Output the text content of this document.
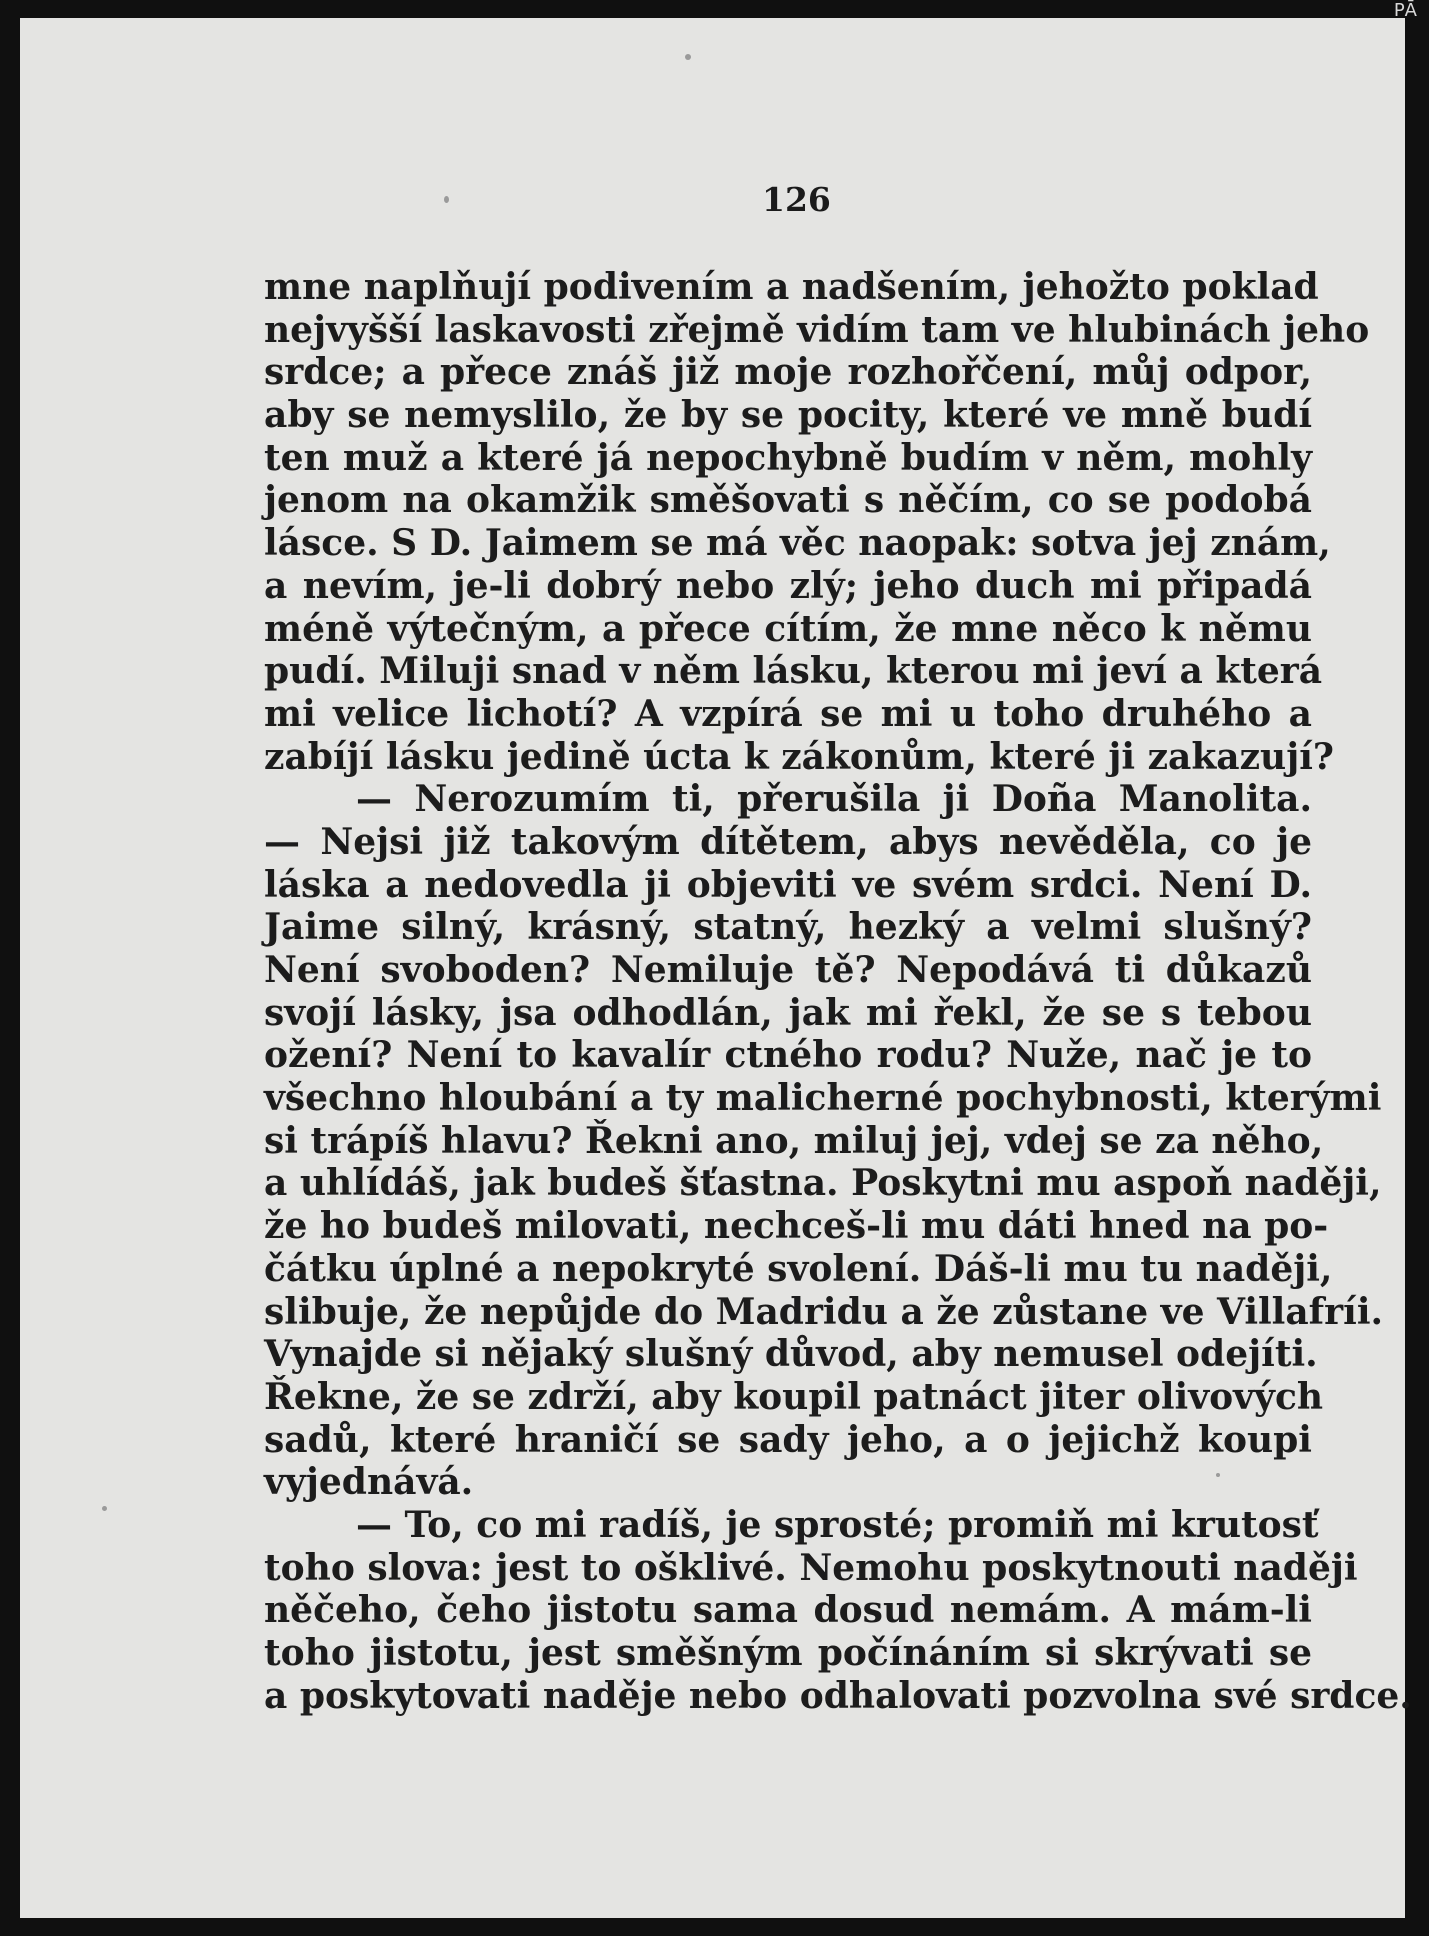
126
mne naplňují podivením a nadšením, jehožto poklad
nejvyšší laskavosti zřejmě vidím tam ve hlubinách jeho
srdce; a přece znáš již moje rozhořčení, můj odpor,
aby se nemyslilo, že by se pocity, které ve mně budí
ten muž a které já nepochybně budím v něm, mohly
jenom na okamžik směšovati s něčím, co se podobá
lásce. S D. Jaimem se má věc naopak: sotva jej znám,
a nevím, je-li dobrý nebo zlý; jeho duch mi připadá
méně výtečným, a přece cítím, že mne něco k němu
pudí. Miluji snad v něm lásku, kterou mi jeví a která
mi velice lichotí? A vzpírá se mi u toho druhého a
zabíjí lásku jedině úcta k zákonům, které ji zakazují?
— Nerozumím ti, přerušila ji Doña Manolita.
— Nejsi již takovým dítětem, abys nevěděla, co je
láska a nedovedla ji objeviti ve svém srdci. Není D.
Jaime silný, krásný, statný, hezký a velmi slušný?
Není svoboden? Nemiluje tě? Nepodává ti důkazů
svojí lásky, jsa odhodlán, jak mi řekl, že se s tebou
ožení? Není to kavalír ctného rodu? Nuže, nač je to
všechno hloubání a ty malicherné pochybnosti, kterými
si trápíš hlavu? Řekni ano, miluj jej, vdej se za něho,
a uhlídáš, jak budeš šťastna. Poskytni mu aspoň naději,
že ho budeš milovati, nechceš-li mu dáti hned na po-
čátku úplné a nepokryté svolení. Dáš-li mu tu naději,
slibuje, že nepůjde do Madridu a že zůstane ve Villafríi.
Vynajde si nějaký slušný důvod, aby nemusel odejíti.
Řekne, že se zdrží, aby koupil patnáct jiter olivových
sadů, které hraničí se sady jeho, a o jejichž koupi
vyjednává.
— To, co mi radíš, je sprosté; promiň mi krutosť
toho slova: jest to ošklivé. Nemohu poskytnouti naději
něčeho, čeho jistotu sama dosud nemám. A mám-li
toho jistotu, jest směšným počínáním si skrývati se
a poskytovati naděje nebo odhalovati pozvolna své srdce.
PĀ
